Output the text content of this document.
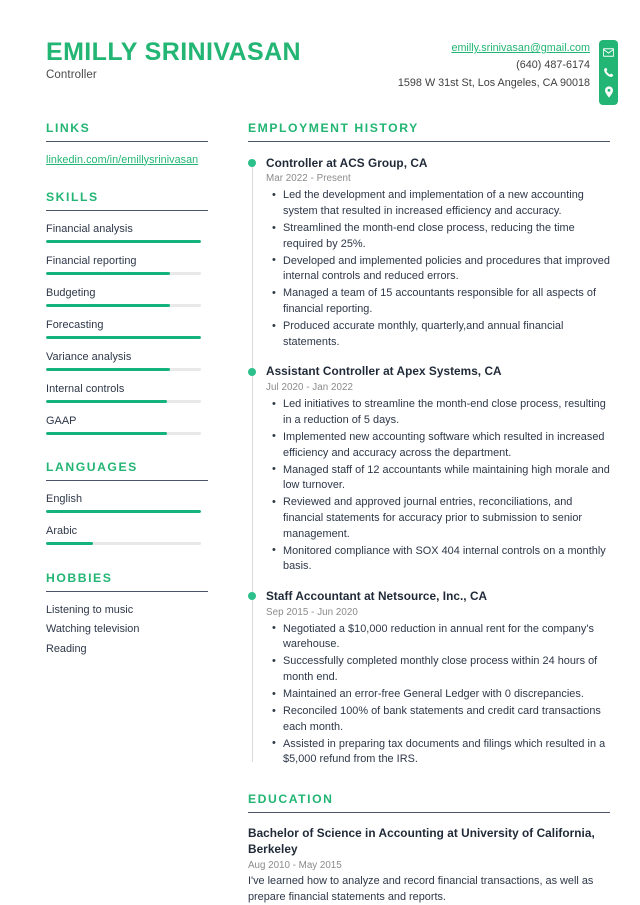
EMILLY SRINIVASAN
Controller
emilly.srinivasan@gmail.com
(640) 487-6174
1598 W 31st St, Los Angeles, CA 90018
LINKS
linkedin.com/in/emillysrinivasan
SKILLS
Financial analysis
Financial reporting
Budgeting
Forecasting
Variance analysis
Internal controls
GAAP
LANGUAGES
English
Arabic
HOBBIES
Listening to music
Watching television
Reading
EMPLOYMENT HISTORY
Controller at ACS Group, CA
Mar 2022 - Present
• Led the development and implementation of a new accounting system that resulted in increased efficiency and accuracy.
• Streamlined the month-end close process, reducing the time required by 25%.
• Developed and implemented policies and procedures that improved internal controls and reduced errors.
• Managed a team of 15 accountants responsible for all aspects of financial reporting.
• Produced accurate monthly, quarterly,and annual financial statements.
Assistant Controller at Apex Systems, CA
Jul 2020 - Jan 2022
• Led initiatives to streamline the month-end close process, resulting in a reduction of 5 days.
• Implemented new accounting software which resulted in increased efficiency and accuracy across the department.
• Managed staff of 12 accountants while maintaining high morale and low turnover.
• Reviewed and approved journal entries, reconciliations, and financial statements for accuracy prior to submission to senior management.
• Monitored compliance with SOX 404 internal controls on a monthly basis.
Staff Accountant at Netsource, Inc., CA
Sep 2015 - Jun 2020
• Negotiated a $10,000 reduction in annual rent for the company's warehouse.
• Successfully completed monthly close process within 24 hours of month end.
• Maintained an error-free General Ledger with 0 discrepancies.
• Reconciled 100% of bank statements and credit card transactions each month.
• Assisted in preparing tax documents and filings which resulted in a $5,000 refund from the IRS.
EDUCATION
Bachelor of Science in Accounting at University of California, Berkeley
Aug 2010 - May 2015
I've learned how to analyze and record financial transactions, as well as prepare financial statements and reports.
